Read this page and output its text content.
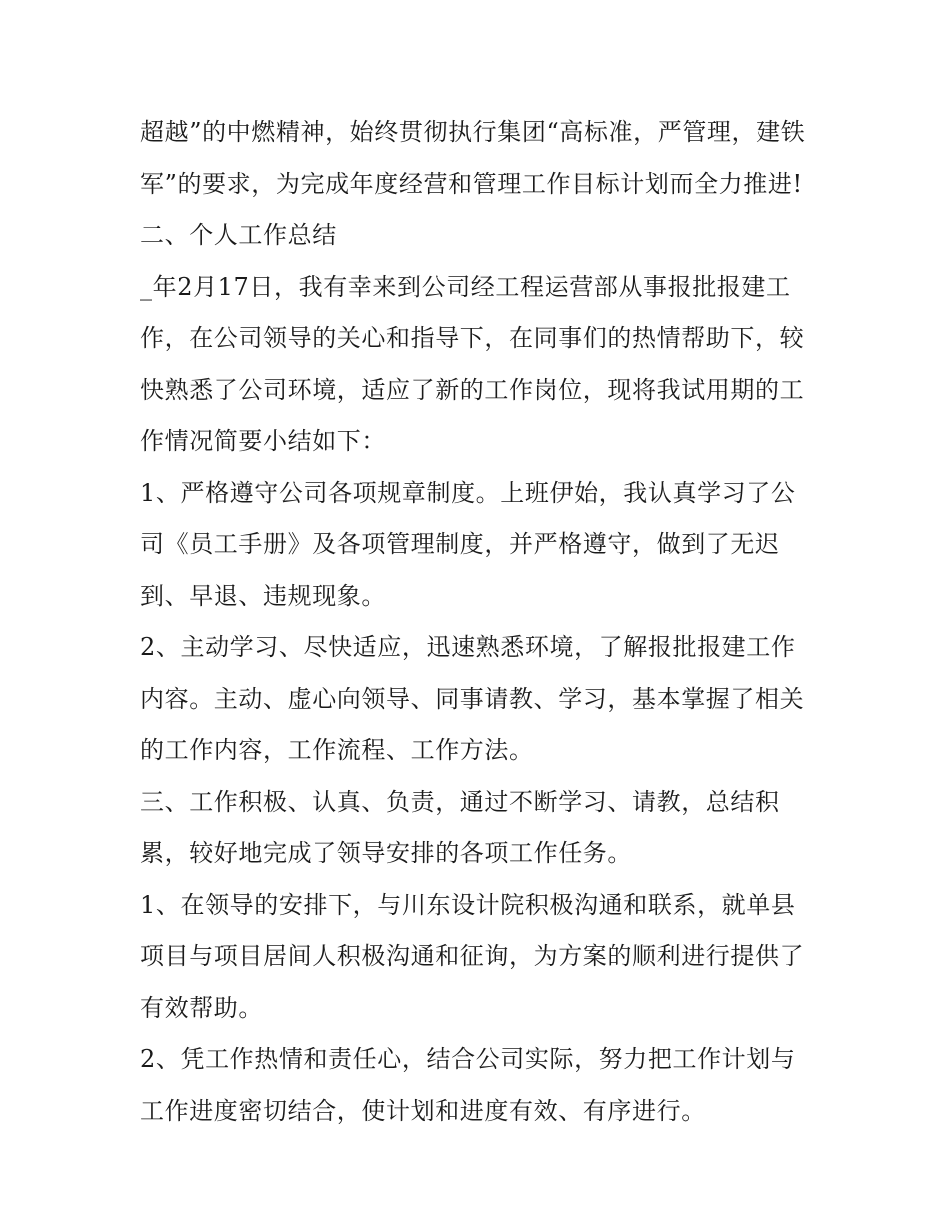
超越”的中燃精神，始终贯彻执行集团“高标准，严管理，建铁
军”的要求，为完成年度经营和管理工作目标计划而全力推进!
二、个人工作总结
_年2月17日，我有幸来到公司经工程运营部从事报批报建工
作，在公司领导的关心和指导下，在同事们的热情帮助下，较
快熟悉了公司环境，适应了新的工作岗位，现将我试用期的工
作情况简要小结如下：
1、严格遵守公司各项规章制度。上班伊始，我认真学习了公
司《员工手册》及各项管理制度，并严格遵守，做到了无迟
到、早退、违规现象。
2、主动学习、尽快适应，迅速熟悉环境，了解报批报建工作
内容。主动、虚心向领导、同事请教、学习，基本掌握了相关
的工作内容，工作流程、工作方法。
三、工作积极、认真、负责，通过不断学习、请教，总结积
累，较好地完成了领导安排的各项工作任务。
1、在领导的安排下，与川东设计院积极沟通和联系，就单县
项目与项目居间人积极沟通和征询，为方案的顺利进行提供了
有效帮助。
2、凭工作热情和责任心，结合公司实际，努力把工作计划与
工作进度密切结合，使计划和进度有效、有序进行。
